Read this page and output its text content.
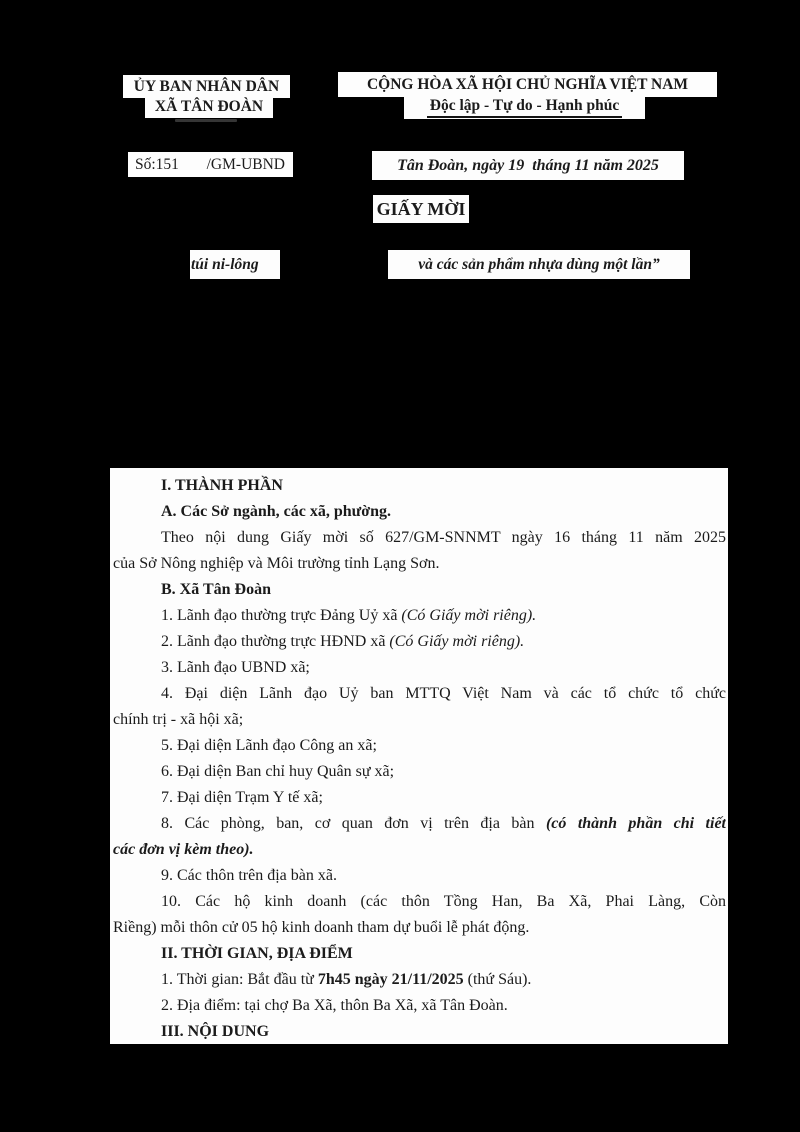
ỦY BAN NHÂN DÂN
XÃ TÂN ĐOÀN
CỘNG HÒA XÃ HỘI CHỦ NGHĨA VIỆT NAM
Độc lập - Tự do - Hạnh phúc
Số:151 /GM-UBND	Tân Đoàn, ngày 19  tháng 11 năm 2025
GIẤY MỜI
túi ni-lông	và các sản phẩm nhựa dùng một lần”
I. THÀNH PHẦN
A. Các Sở ngành, các xã, phường.
Theo nội dung Giấy mời số 627/GM-SNNMT ngày 16 tháng 11 năm 2025
của Sở Nông nghiệp và Môi trường tỉnh Lạng Sơn.
B. Xã Tân Đoàn
1. Lãnh đạo thường trực Đảng Uỷ xã (Có Giấy mời riêng).
2. Lãnh đạo thường trực HĐND xã (Có Giấy mời riêng).
3. Lãnh đạo UBND xã;
4. Đại diện Lãnh đạo Uỷ ban MTTQ Việt Nam và các tổ chức tổ chức
chính trị - xã hội xã;
5. Đại diện Lãnh đạo Công an xã;
6. Đại diện Ban chỉ huy Quân sự xã;
7. Đại diện Trạm Y tế xã;
8. Các phòng, ban, cơ quan đơn vị trên địa bàn (có thành phần chi tiết
các đơn vị kèm theo).
9. Các thôn trên địa bàn xã.
10. Các hộ kinh doanh (các thôn Tồng Han, Ba Xã, Phai Làng, Còn
Riềng) mỗi thôn cử 05 hộ kinh doanh tham dự buổi lễ phát động.
II. THỜI GIAN, ĐỊA ĐIỂM
1. Thời gian: Bắt đầu từ 7h45 ngày 21/11/2025 (thứ Sáu).
2. Địa điểm: tại chợ Ba Xã, thôn Ba Xã, xã Tân Đoàn.
III. NỘI DUNG
